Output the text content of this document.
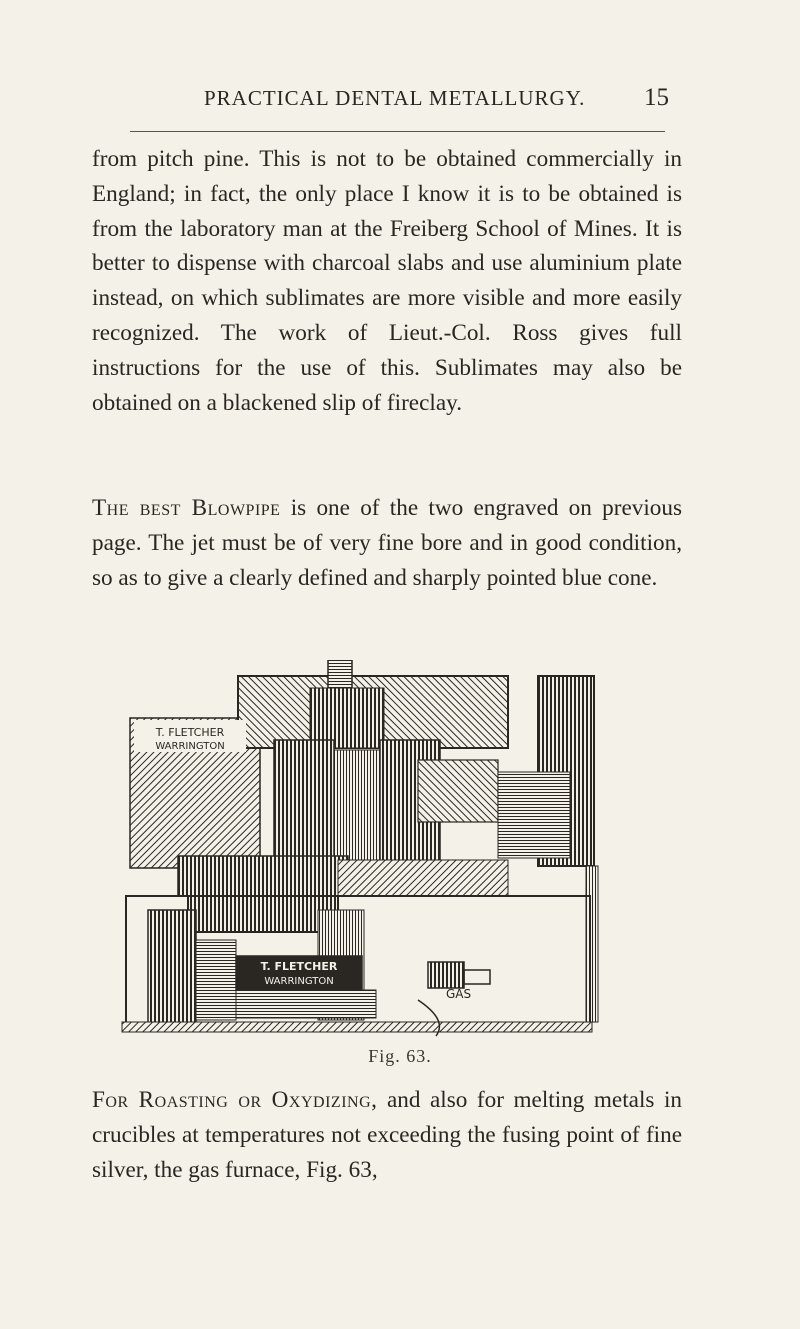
PRACTICAL DENTAL METALLURGY. 15

from pitch pine. This is not to be obtained commercially in England; in fact, the only place I know it is to be obtained is from the laboratory man at the Freiberg School of Mines. It is better to dispense with charcoal slabs and use aluminium plate instead, on which sublimates are more visible and more easily recognized. The work of Lieut.-Col. Ross gives full instructions for the use of this. Sublimates may also be obtained on a blackened slip of fireclay.

The best Blowpipe is one of the two engraved on previous page. The jet must be of very fine bore and in good condition, so as to give a clearly defined and sharply pointed blue cone.

T. FLETCHER
WARRINGTON
T. FLETCHER
WARRINGTON
GAS
Fig. 63.

For Roasting or Oxydizing, and also for melting metals in crucibles at temperatures not exceeding the fusing point of fine silver, the gas furnace, Fig. 63,
